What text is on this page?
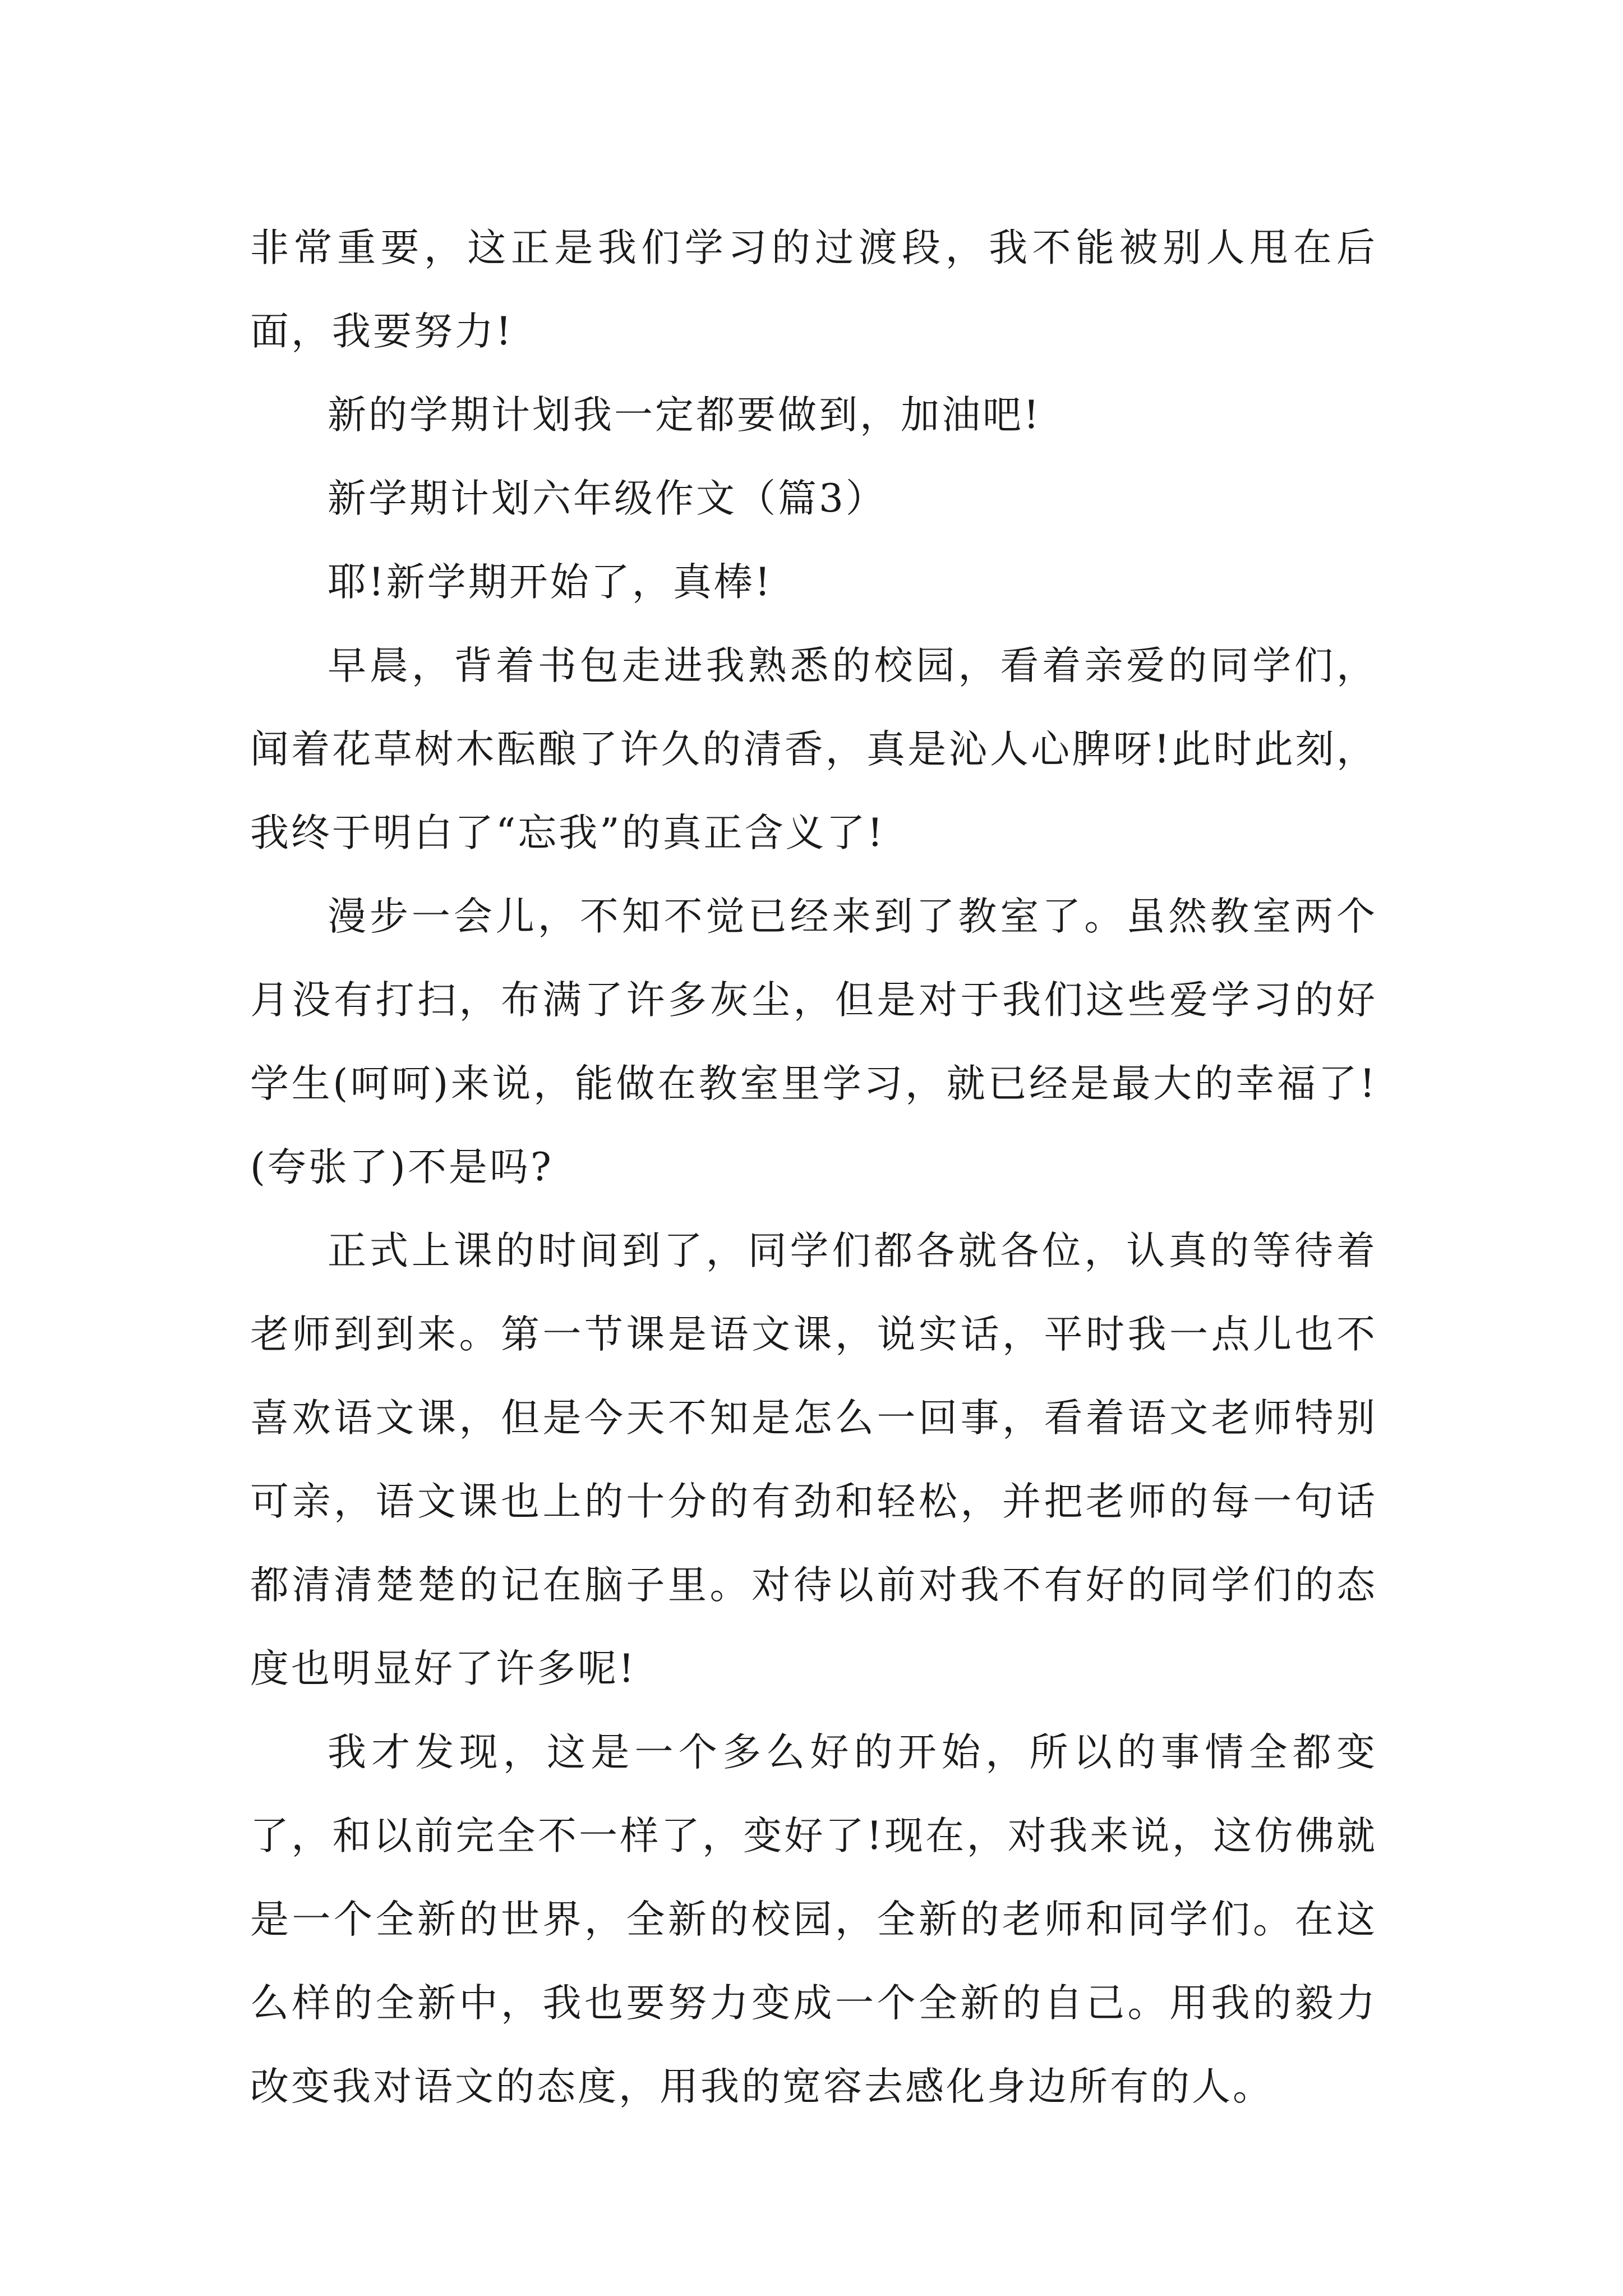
非常重要，这正是我们学习的过渡段，我不能被别人甩在后面，我要努力!

新的学期计划我一定都要做到，加油吧!

新学期计划六年级作文（篇3）

耶!新学期开始了，真棒!

早晨，背着书包走进我熟悉的校园，看着亲爱的同学们，闻着花草树木酝酿了许久的清香，真是沁人心脾呀!此时此刻，我终于明白了“忘我”的真正含义了!

漫步一会儿，不知不觉已经来到了教室了。虽然教室两个月没有打扫，布满了许多灰尘，但是对于我们这些爱学习的好学生(呵呵)来说，能做在教室里学习，就已经是最大的幸福了!(夸张了)不是吗?

正式上课的时间到了，同学们都各就各位，认真的等待着老师到到来。第一节课是语文课，说实话，平时我一点儿也不喜欢语文课，但是今天不知是怎么一回事，看着语文老师特别可亲，语文课也上的十分的有劲和轻松，并把老师的每一句话都清清楚楚的记在脑子里。对待以前对我不有好的同学们的态度也明显好了许多呢!

我才发现，这是一个多么好的开始，所以的事情全都变了，和以前完全不一样了，变好了!现在，对我来说，这仿佛就是一个全新的世界，全新的校园，全新的老师和同学们。在这么样的全新中，我也要努力变成一个全新的自己。用我的毅力改变我对语文的态度，用我的宽容去感化身边所有的人。
